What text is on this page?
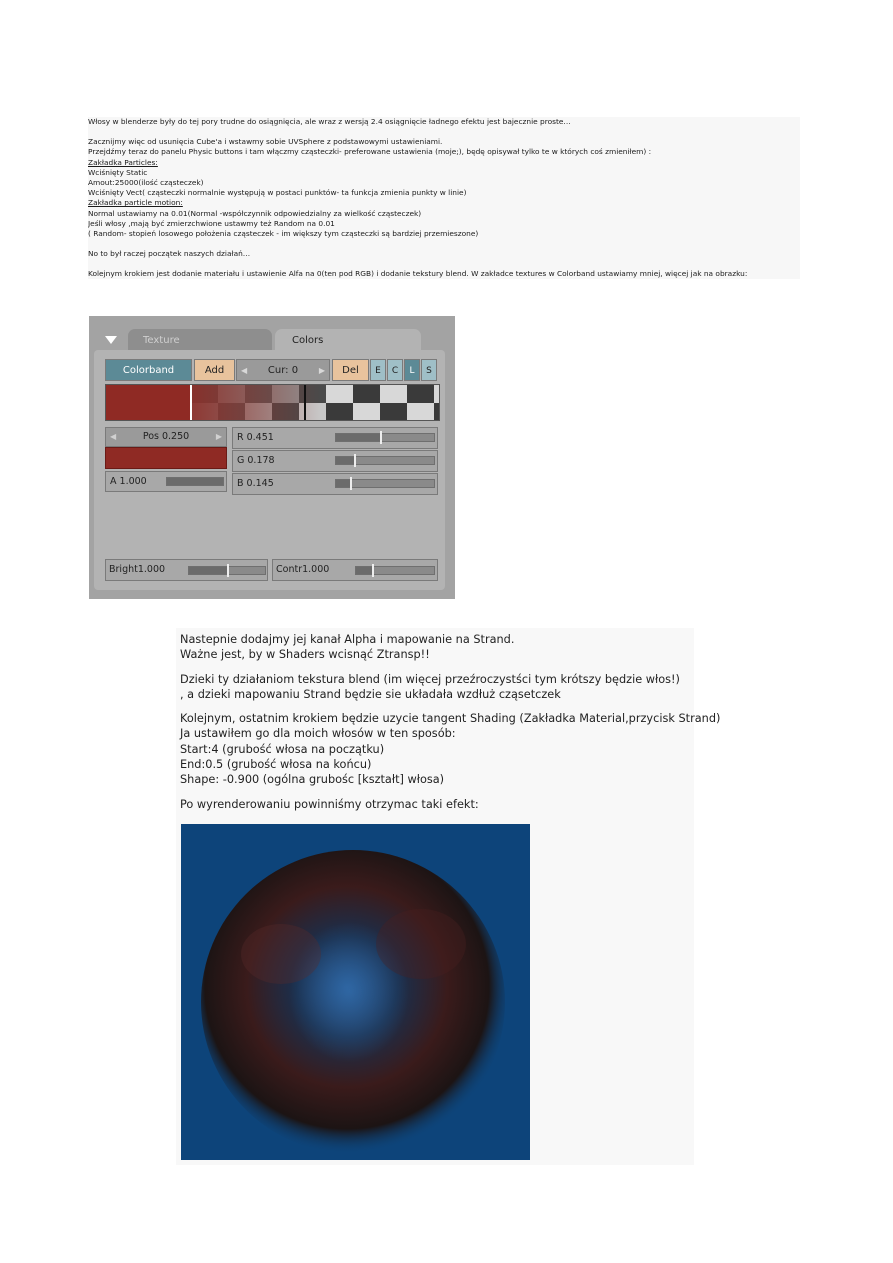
Włosy w blenderze były do tej pory trudne do osiągnięcia, ale wraz z wersją 2.4 osiągnięcie ładnego efektu jest bajecznie proste…
Zacznijmy więc od usunięcia Cube'a i wstawmy sobie UVSphere z podstawowymi ustawieniami.
Przejdźmy teraz do panelu Physic buttons i tam włączmy cząsteczki- preferowane ustawienia (moje;), będę opisywał tylko te w których coś zmieniłem) :
Zakładka Particles:
Wciśnięty Static
Amout:25000(ilość cząsteczek)
Wciśnięty Vect( cząsteczki normalnie występują w postaci punktów- ta funkcja zmienia punkty w linie)
Zakładka particle motion:
Normal ustawiamy na 0.01(Normal -współczynnik odpowiedzialny za wielkość cząsteczek)
Jeśli włosy ,mają być zmierzchwione ustawmy też Random na 0.01
( Random- stopień losowego położenia cząsteczek - im większy tym cząsteczki są bardziej przemieszone)
No to był raczej początek naszych działań…
Kolejnym krokiem jest dodanie materiału i ustawienie Alfa na 0(ten pod RGB) i dodanie tekstury blend. W zakładce textures w Colorband ustawiamy mniej, więcej jak na obrazku:
Texture	Colors
Colorband	Add	◀ Cur: 0	▶	Del	E	C	L	S
◀	Pos 0.250	▶
A 1.000
R 0.451
G 0.178
B 0.145
Bright1.000	Contr1.000
Nastepnie dodajmy jej kanał Alpha i mapowanie na Strand.
Ważne jest, by w Shaders wcisnąć Ztransp!!
Dzieki ty działaniom tekstura blend (im więcej przeźroczystści tym krótszy będzie włos!)
, a dzieki mapowaniu Strand będzie sie układała wzdłuż cząsetczek
Kolejnym, ostatnim krokiem będzie uzycie tangent Shading (Zakładka Material,przycisk Strand)
Ja ustawiłem go dla moich włosów w ten sposób:
Start:4 (grubość włosa na początku)
End:0.5 (grubość włosa na końcu)
Shape: -0.900 (ogólna grubośc [kształt] włosa)
Po wyrenderowaniu powinniśmy otrzymac taki efekt:
